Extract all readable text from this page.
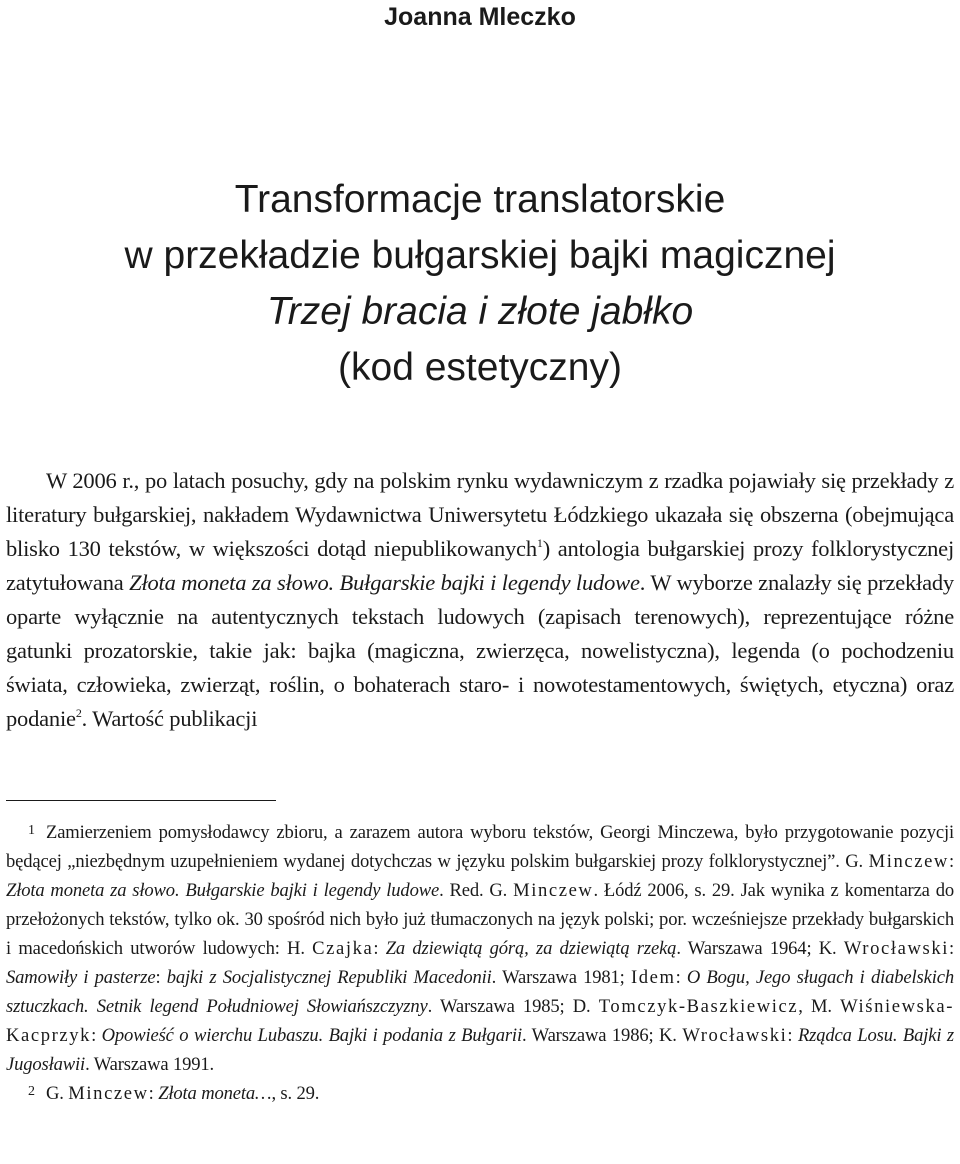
Joanna Mleczko
Transformacje translatorskie
w przekładzie bułgarskiej bajki magicznej
Trzej bracia i złote jabłko
(kod estetyczny)

W 2006 r., po latach posuchy, gdy na polskim rynku wydawniczym z rzadka pojawiały się przekłady z literatury bułgarskiej, nakładem Wydawnictwa Uniwersytetu Łódzkiego ukazała się obszerna (obejmująca blisko 130 tekstów, w większości dotąd niepublikowanych$^1$) antologia bułgarskiej prozy folklorystycznej zatytułowana Złota moneta za słowo. Bułgarskie bajki i legendy ludowe. W wyborze znalazły się przekłady oparte wyłącznie na autentycznych tekstach ludowych (zapisach terenowych), reprezentujące różne gatunki prozatorskie, takie jak: bajka (magiczna, zwierzęca, nowelistyczna), legenda (o pochodzeniu świata, człowieka, zwierząt, roślin, o bohaterach staro- i nowotestamentowych, świętych, etyczna) oraz podanie$^2$. Wartość publikacji

1 Zamierzeniem pomysłodawcy zbioru, a zarazem autora wyboru tekstów, Georgi Minczewa, było przygotowanie pozycji będącej „niezbędnym uzupełnieniem wydanej dotychczas w języku polskim bułgarskiej prozy folklorystycznej”. G. Minczew: Złota moneta za słowo. Bułgarskie bajki i legendy ludowe. Red. G. Minczew. Łódź 2006, s. 29. Jak wynika z komentarza do przełożonych tekstów, tylko ok. 30 spośród nich było już tłumaczonych na język polski; por. wcześniejsze przekłady bułgarskich i macedońskich utworów ludowych: H. Czajka: Za dziewiątą górą, za dziewiątą rzeką. Warszawa 1964; K. Wrocławski: Samowiły i pasterze: bajki z Socjalistycznej Republiki Macedonii. Warszawa 1981; Idem: O Bogu, Jego sługach i diabelskich sztuczkach. Setnik legend Południowej Słowiańszczyzny. Warszawa 1985; D. Tomczyk-Baszkiewicz, M. Wiśniewska-Kacprzyk: Opowieść o wierchu Lubaszu. Bajki i podania z Bułgarii. Warszawa 1986; K. Wrocławski: Rządca Losu. Bajki z Jugosławii. Warszawa 1991.

2 G. Minczew: Złota moneta…, s. 29.
